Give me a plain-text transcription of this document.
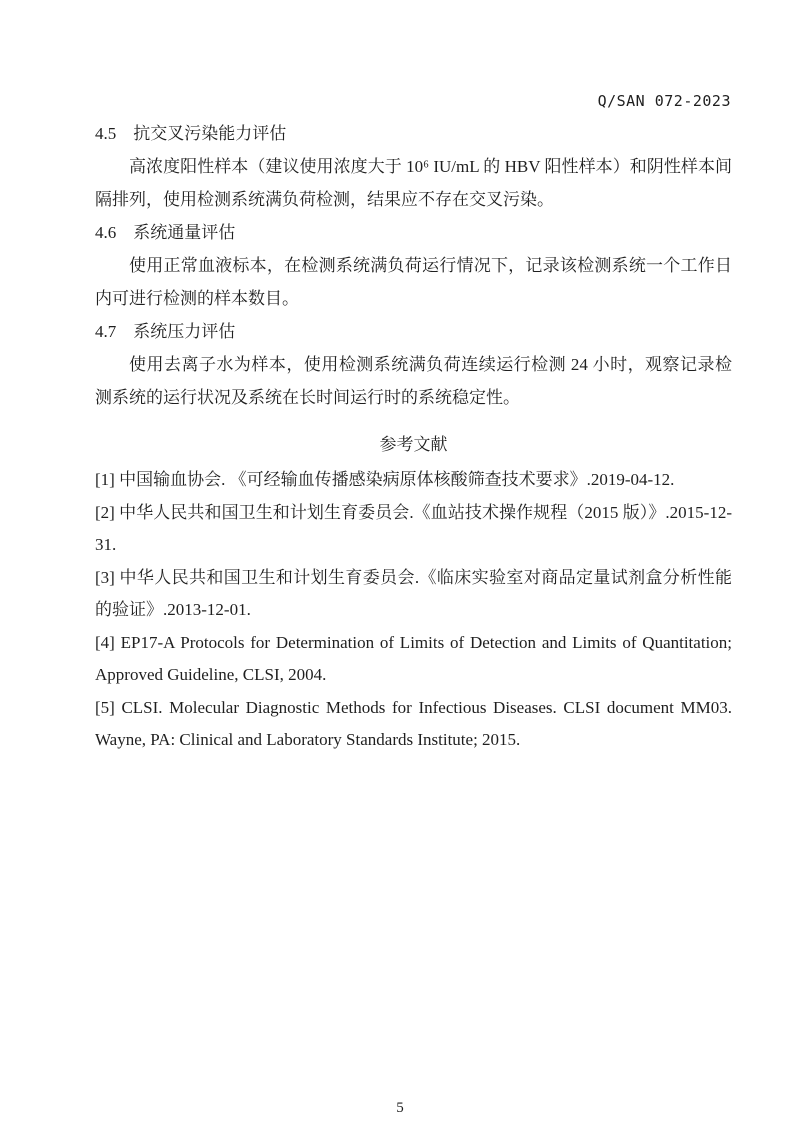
Q/SAN 072-2023
4.5 抗交叉污染能力评估

高浓度阳性样本（建议使用浓度大于 10⁶ IU/mL 的 HBV 阳性样本）和阴性样本间隔排列，使用检测系统满负荷检测，结果应不存在交叉污染。

4.6 系统通量评估

使用正常血液标本，在检测系统满负荷运行情况下，记录该检测系统一个工作日内可进行检测的样本数目。

4.7 系统压力评估

使用去离子水为样本，使用检测系统满负荷连续运行检测 24 小时，观察记录检测系统的运行状况及系统在长时间运行时的系统稳定性。

参考文献

[1] 中国输血协会. 《可经输血传播感染病原体核酸筛查技术要求》.2019-04-12.

[2] 中华人民共和国卫生和计划生育委员会.《血站技术操作规程（2015 版）》.2015-12-31.

[3] 中华人民共和国卫生和计划生育委员会.《临床实验室对商品定量试剂盒分析性能的验证》.2013-12-01.

[4] EP17-A Protocols for Determination of Limits of Detection and Limits of Quantitation; Approved Guideline, CLSI, 2004.

[5] CLSI. Molecular Diagnostic Methods for Infectious Diseases. CLSI document MM03. Wayne, PA: Clinical and Laboratory Standards Institute; 2015.

5
